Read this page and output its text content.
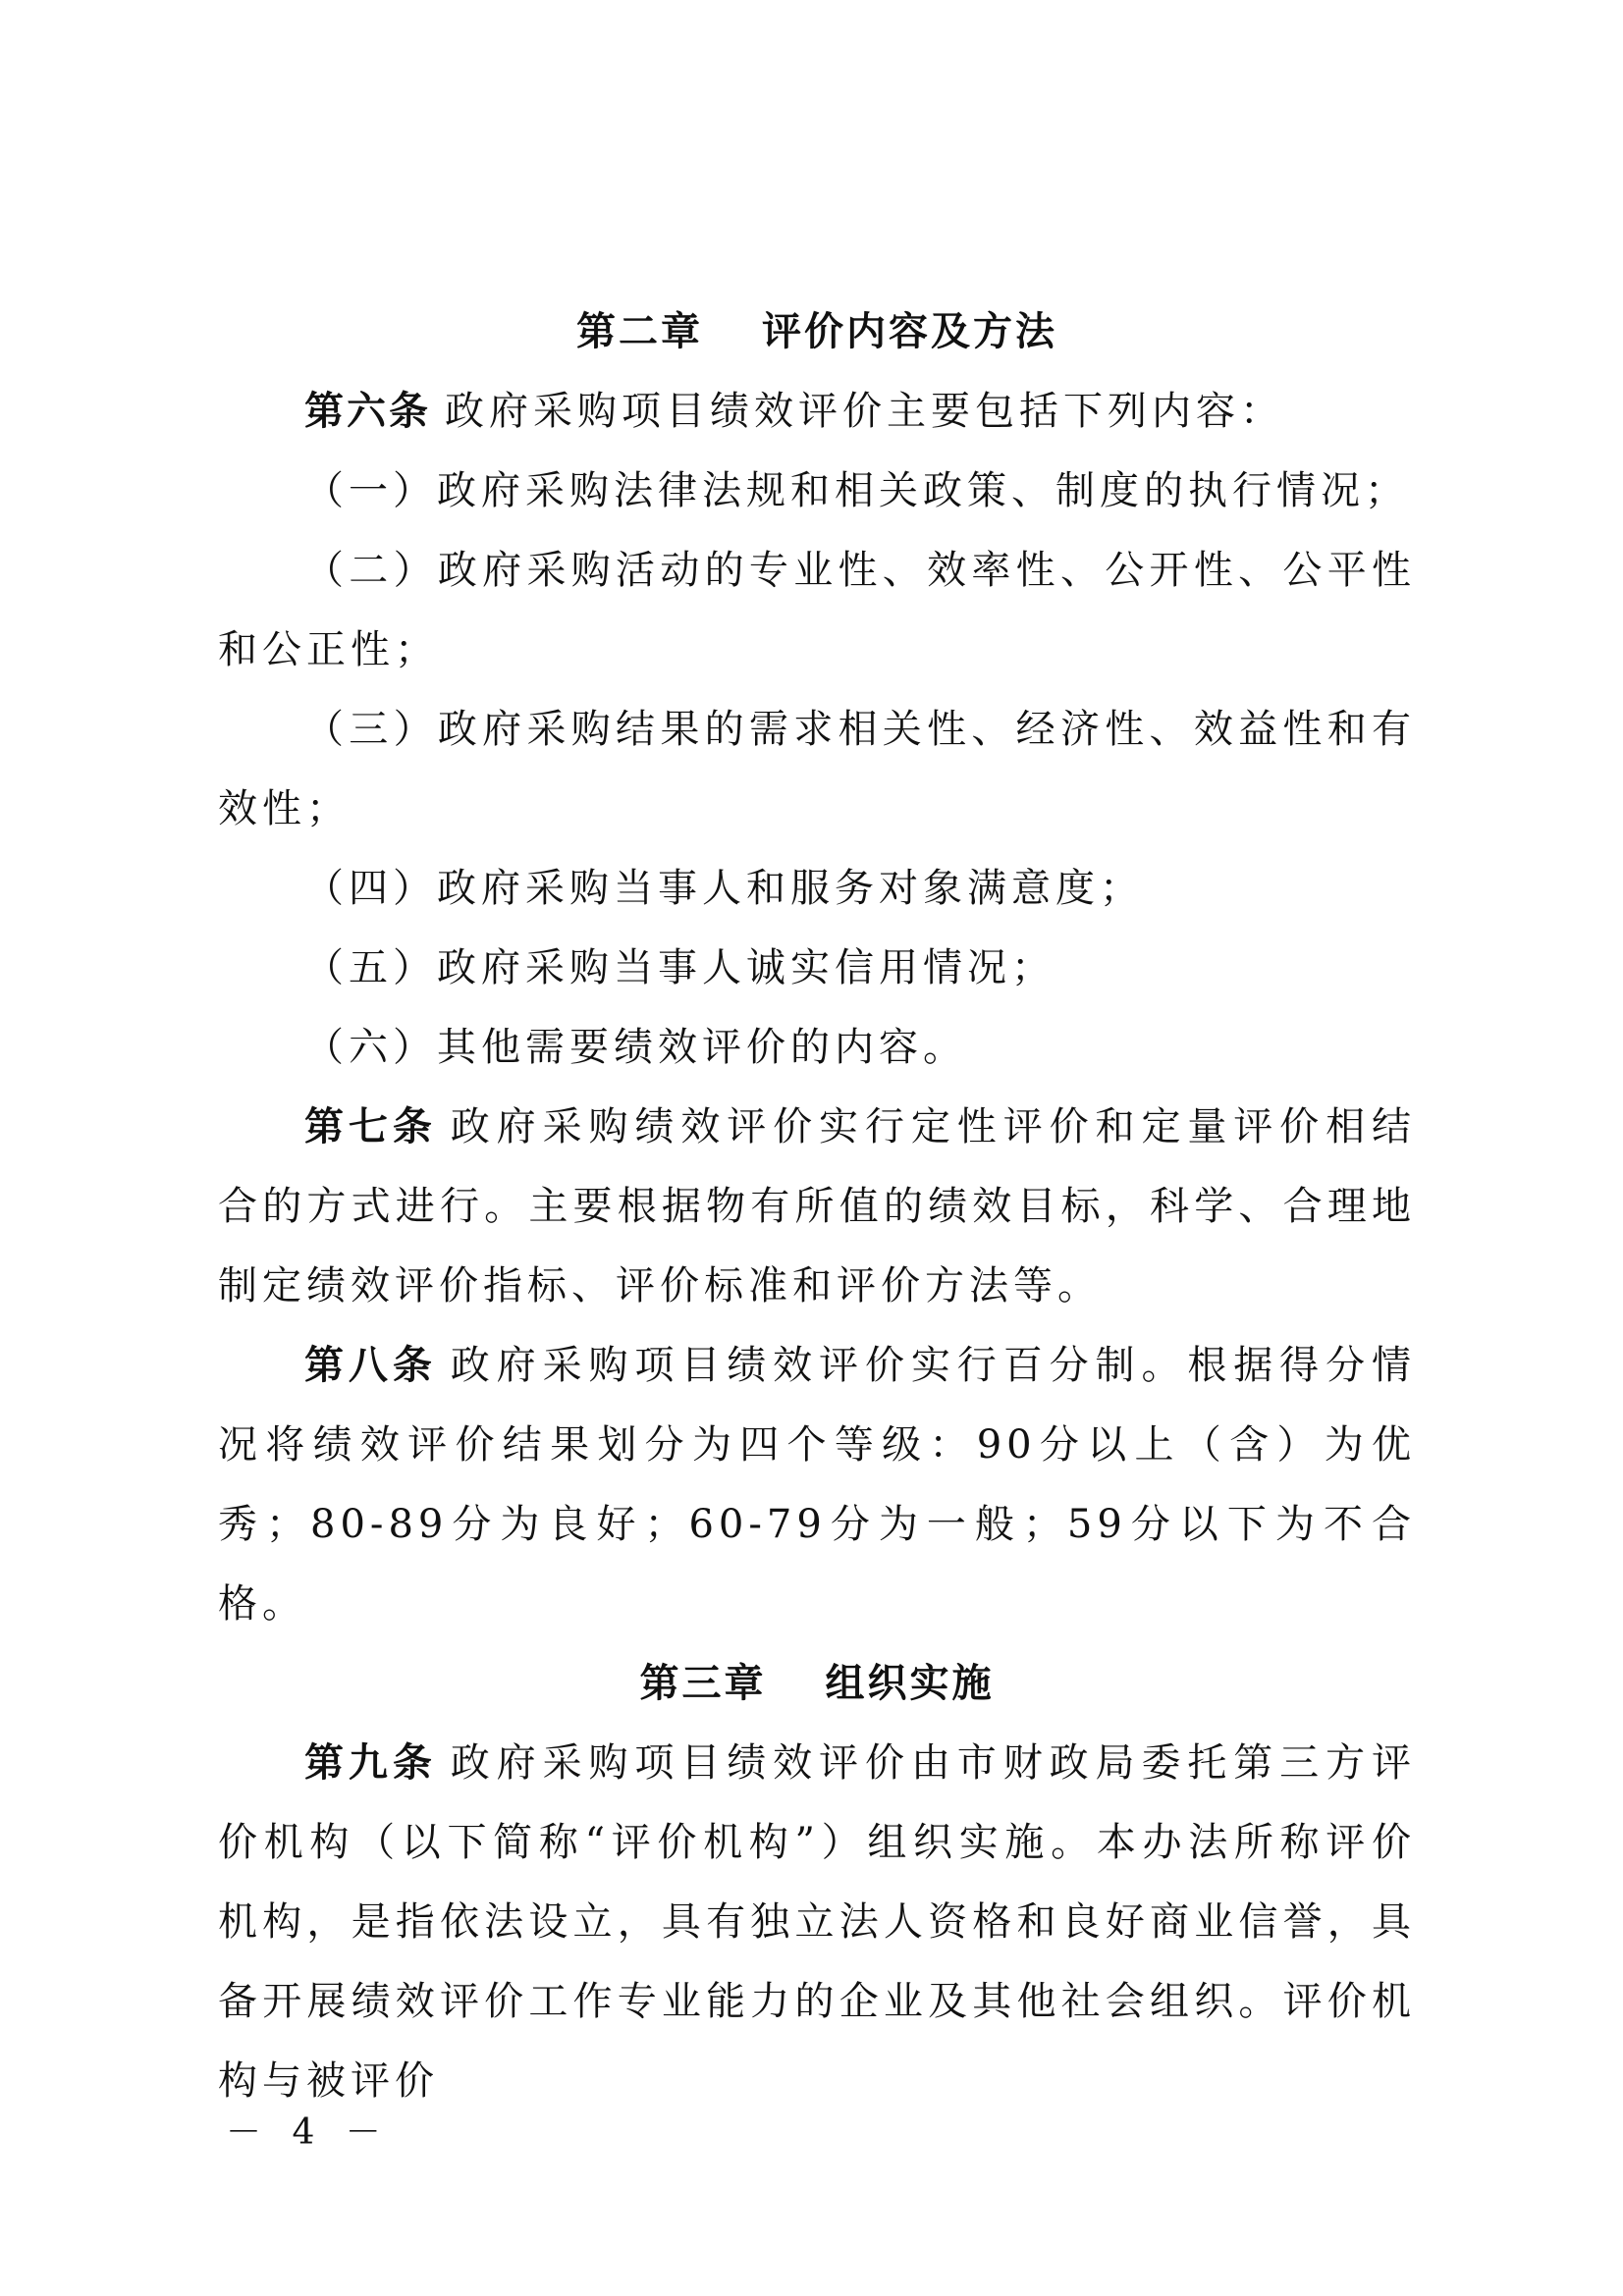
第二章 评价内容及方法

第六条 政府采购项目绩效评价主要包括下列内容：

（一）政府采购法律法规和相关政策、制度的执行情况；

（二）政府采购活动的专业性、效率性、公开性、公平性和公正性；

（三）政府采购结果的需求相关性、经济性、效益性和有效性；

（四）政府采购当事人和服务对象满意度；

（五）政府采购当事人诚实信用情况；

（六）其他需要绩效评价的内容。

第七条 政府采购绩效评价实行定性评价和定量评价相结合的方式进行。主要根据物有所值的绩效目标，科学、合理地制定绩效评价指标、评价标准和评价方法等。

第八条 政府采购项目绩效评价实行百分制。根据得分情况将绩效评价结果划分为四个等级：90分以上（含）为优秀；80-89分为良好；60-79分为一般；59分以下为不合格。

第三章 组织实施

第九条 政府采购项目绩效评价由市财政局委托第三方评价机构（以下简称“评价机构”）组织实施。本办法所称评价机构，是指依法设立，具有独立法人资格和良好商业信誉，具备开展绩效评价工作专业能力的企业及其他社会组织。评价机构与被评价

－ 4 －
